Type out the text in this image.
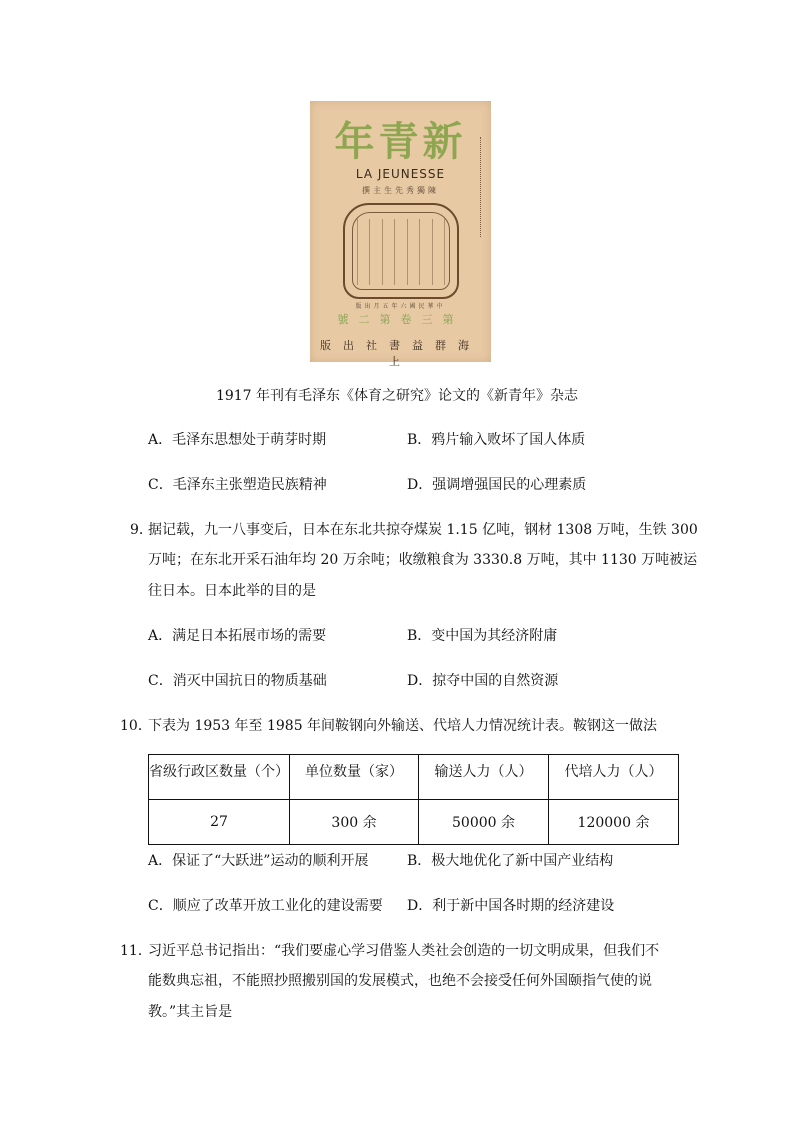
年青新
LA JEUNESSE
撰主生先秀獨陳
版出月五年六國民華中
號二第卷三第
版出社書益群海上
1917 年刊有毛泽东《体育之研究》论文的《新青年》杂志
A．毛泽东思想处于萌芽时期	B．鸦片输入败坏了国人体质
C．毛泽东主张塑造民族精神	D．强调增强国民的心理素质
9．
据记载，九一八事变后，日本在东北共掠夺煤炭 1.15 亿吨，钢材 1308 万吨，生铁 300
万吨；在东北开采石油年均 20 万余吨；收缴粮食为 3330.8 万吨，其中 1130 万吨被运
往日本。日本此举的目的是
A．满足日本拓展市场的需要	B．变中国为其经济附庸
C．消灭中国抗日的物质基础	D．掠夺中国的自然资源
10．
下表为 1953 年至 1985 年间鞍钢向外输送、代培人力情况统计表。鞍钢这一做法
省级行政区数量（个）	单位数量（家）	输送人力（人）	代培人力（人）
27	300 余	50000 余	120000 余
A．保证了“大跃进”运动的顺利开展	B．极大地优化了新中国产业结构
C．顺应了改革开放工业化的建设需要 D．利于新中国各时期的经济建设
11．
习近平总书记指出：“我们要虚心学习借鉴人类社会创造的一切文明成果，但我们不
能数典忘祖，不能照抄照搬别国的发展模式，也绝不会接受任何外国颐指气使的说
教。”其主旨是
